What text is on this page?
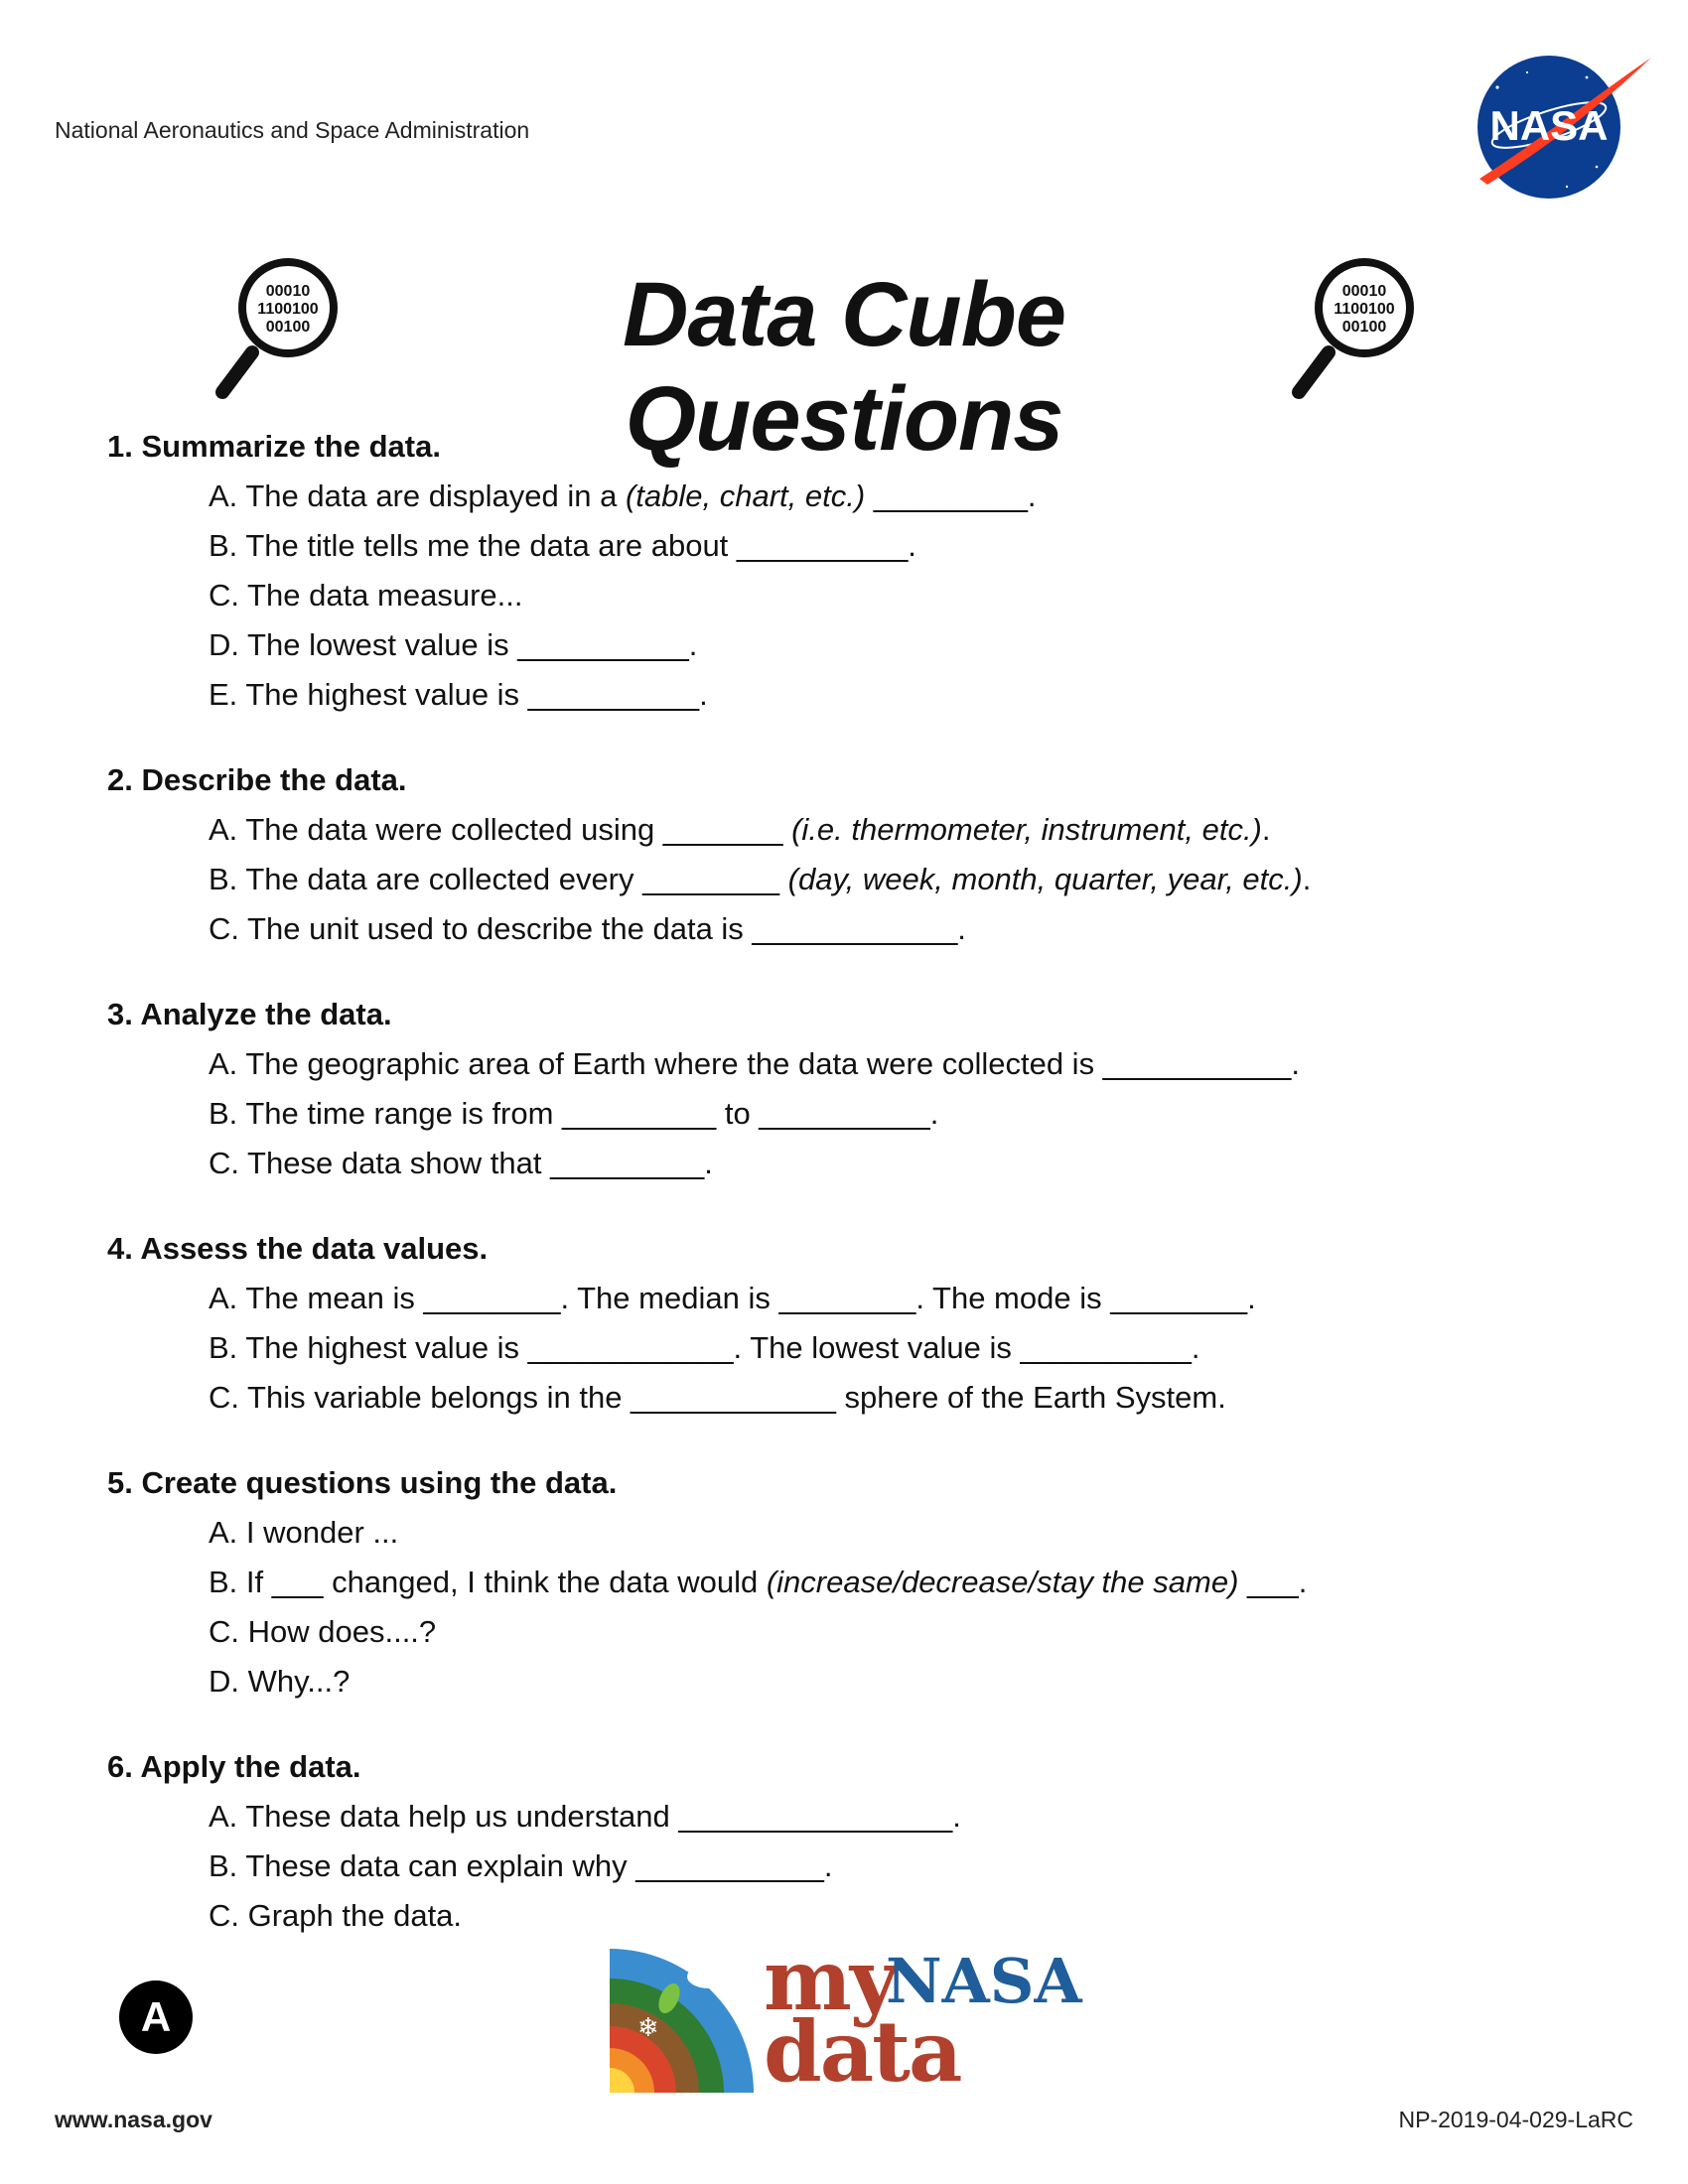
National Aeronautics and Space Administration	NASA
00010
1100100
00100	Data Cube Questions
00010
1100100
00100
1. Summarize the data.
A. The data are displayed in a (table, chart, etc.) _________.
B. The title tells me the data are about __________.
C. The data measure...
D. The lowest value is __________.
E. The highest value is __________.
2. Describe the data.
A. The data were collected using _______ (i.e. thermometer, instrument, etc.).
B. The data are collected every ________ (day, week, month, quarter, year, etc.).
C. The unit used to describe the data is ____________.
3. Analyze the data.
A. The geographic area of Earth where the data were collected is ___________.
B. The time range is from _________ to __________.
C. These data show that _________.
4. Assess the data values.
A. The mean is ________. The median is ________. The mode is ________.
B. The highest value is ____________. The lowest value is __________.
C. This variable belongs in the ____________ sphere of the Earth System.
5. Create questions using the data.
A. I wonder ...
B. If ___ changed, I think the data would (increase/decrease/stay the same) ___.
C. How does....?
D. Why...?
6. Apply the data.
A. These data help us understand ________________.
B. These data can explain why ___________.
C. Graph the data.
A	❄ my
NASA
data
www.nasa.gov	NP-2019-04-029-LaRC
